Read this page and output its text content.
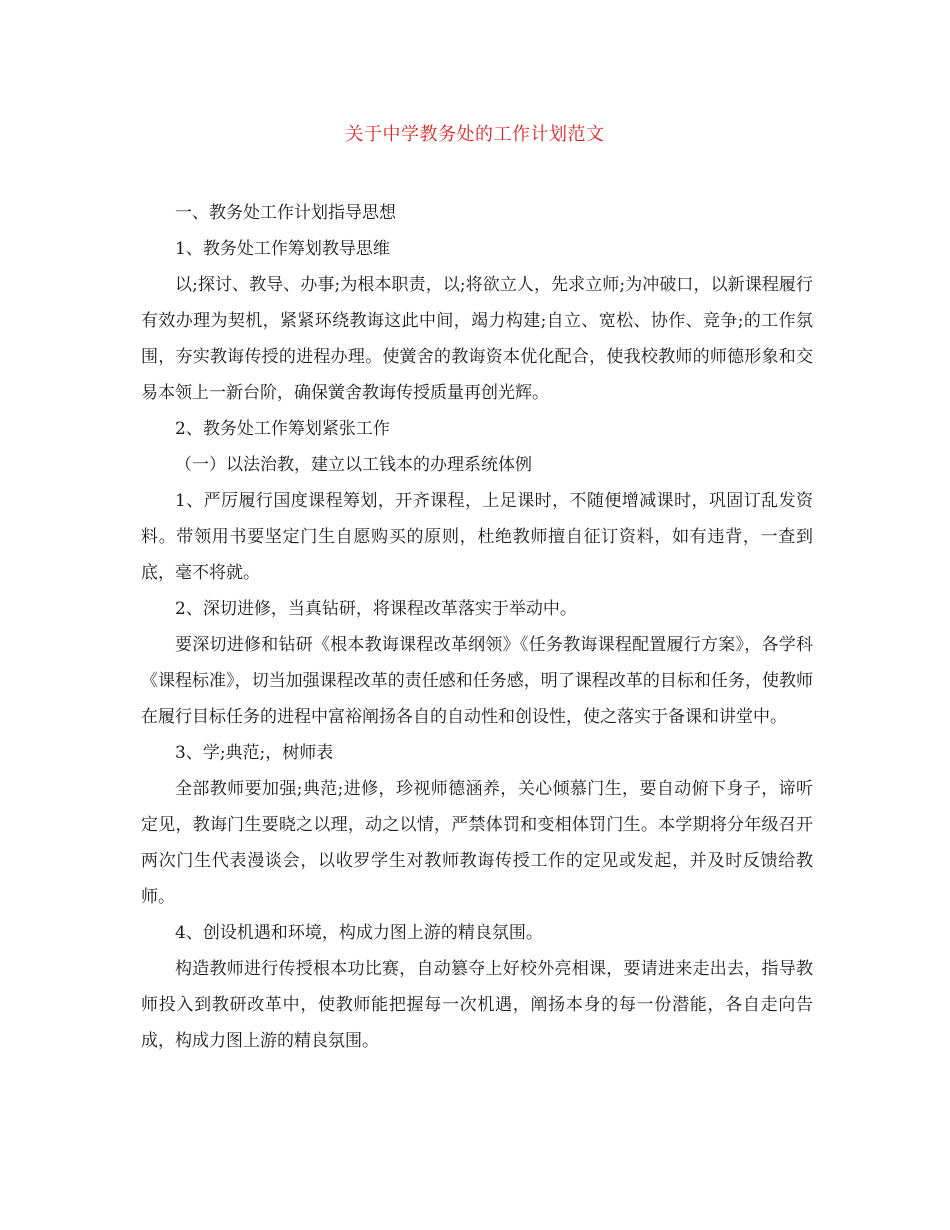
关于中学教务处的工作计划范文

一、教务处工作计划指导思想

1、教务处工作筹划教导思维

以;探讨、教导、办事;为根本职责，以;将欲立人，先求立师;为冲破口，以新课程履行有效办理为契机，紧紧环绕教诲这此中间，竭力构建;自立、宽松、协作、竞争;的工作氛围，夯实教诲传授的进程办理。使黉舍的教诲资本优化配合，使我校教师的师德形象和交易本领上一新台阶，确保黉舍教诲传授质量再创光辉。

2、教务处工作筹划紧张工作

（一）以法治教，建立以工钱本的办理系统体例

1、严厉履行国度课程筹划，开齐课程，上足课时，不随便增减课时，巩固订乱发资料。带领用书要坚定门生自愿购买的原则，杜绝教师擅自征订资料，如有违背，一查到底，毫不将就。

2、深切进修，当真钻研，将课程改革落实于举动中。

要深切进修和钻研《根本教诲课程改革纲领》《任务教诲课程配置履行方案》，各学科《课程标准》，切当加强课程改革的责任感和任务感，明了课程改革的目标和任务，使教师在履行目标任务的进程中富裕阐扬各自的自动性和创设性，使之落实于备课和讲堂中。

3、学;典范;，树师表

全部教师要加强;典范;进修，珍视师德涵养，关心倾慕门生，要自动俯下身子，谛听定见，教诲门生要晓之以理，动之以情，严禁体罚和变相体罚门生。本学期将分年级召开两次门生代表漫谈会，以收罗学生对教师教诲传授工作的定见或发起，并及时反馈给教师。

4、创设机遇和环境，构成力图上游的精良氛围。

构造教师进行传授根本功比赛，自动篡夺上好校外亮相课，要请进来走出去，指导教师投入到教研改革中，使教师能把握每一次机遇，阐扬本身的每一份潜能，各自走向告成，构成力图上游的精良氛围。
